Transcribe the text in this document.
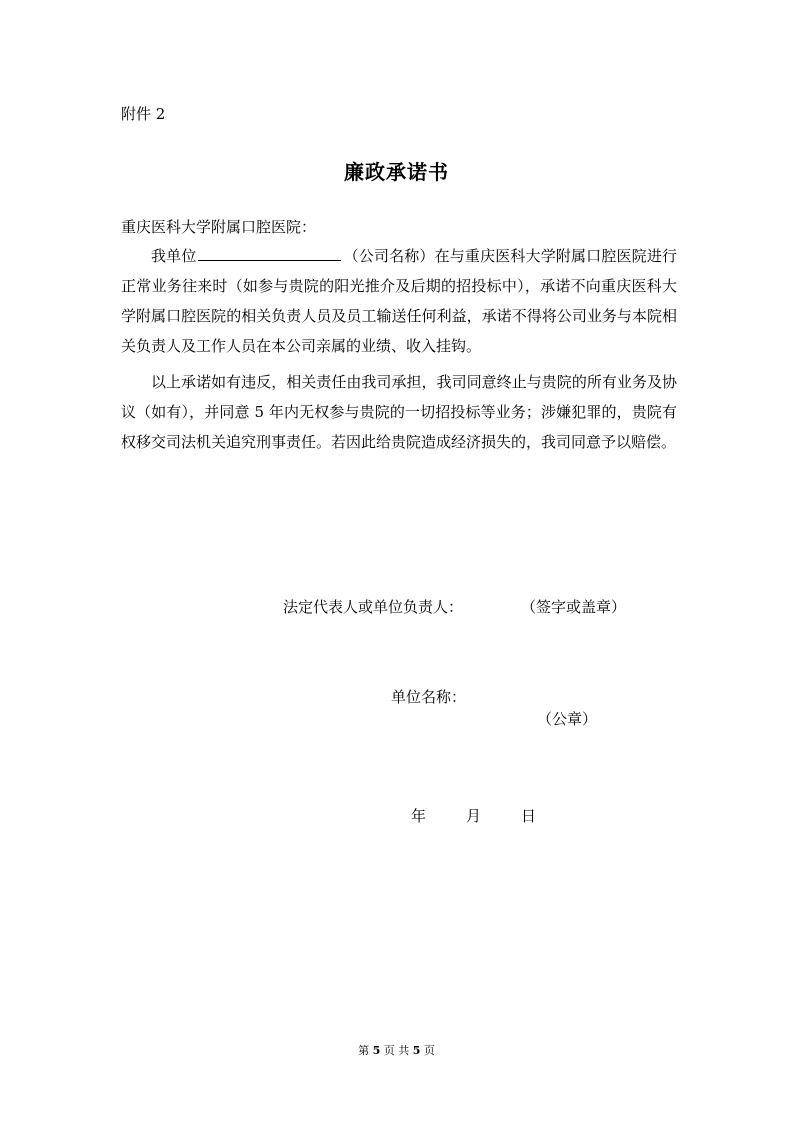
附件 2
廉政承诺书
重庆医科大学附属口腔医院：
我单位	（公司名称）在与重庆医科大学附属口腔医院进行正常业务往来时（如参与贵院的阳光推介及后期的招投标中），承诺不向重庆医科大学附属口腔医院的相关负责人员及员工输送任何利益，承诺不得将公司业务与本院相关负责人及工作人员在本公司亲属的业绩、收入挂钩。
以上承诺如有违反，相关责任由我司承担，我司同意终止与贵院的所有业务及协议（如有），并同意 5 年内无权参与贵院的一切招投标等业务；涉嫌犯罪的，贵院有权移交司法机关追究刑事责任。若因此给贵院造成经济损失的，我司同意予以赔偿。
法定代表人或单位负责人：	（签字或盖章）
单位名称：
（公章）
年	月	日
第 5 页 共 5 页
